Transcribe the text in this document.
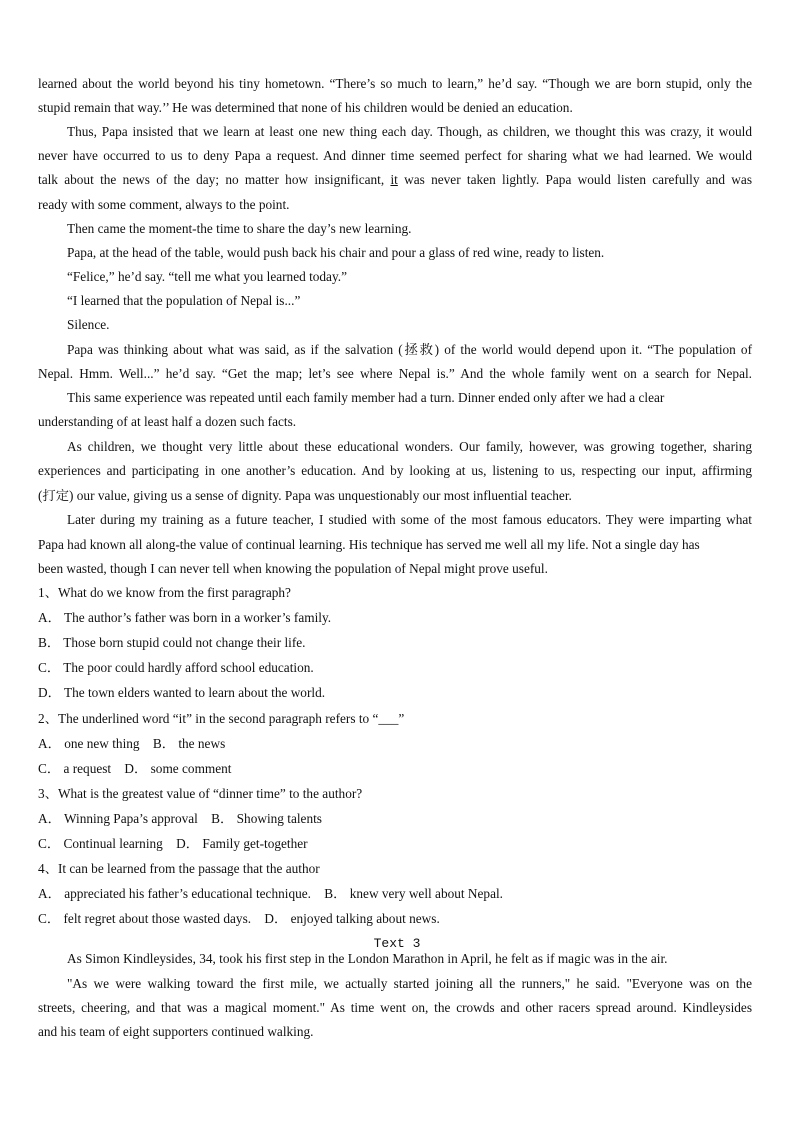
learned about the world beyond his tiny hometown. “There’s so much to learn,” he’d say. “Though we are born stupid, only the
stupid remain that way.’’ He was determined that none of his children would be denied an education.
Thus, Papa insisted that we learn at least one new thing each day. Though, as children, we thought this was crazy, it would
never have occurred to us to deny Papa a request. And dinner time seemed perfect for sharing what we had learned. We would
talk about the news of the day; no matter how insignificant, it was never taken lightly. Papa would listen carefully and was
ready with some comment, always to the point.
Then came the moment-the time to share the day’s new learning.
Papa, at the head of the table, would push back his chair and pour a glass of red wine, ready to listen.
“Felice,” he’d say. “tell me what you learned today.”
“I learned that the population of Nepal is...”
Silence.
Papa was thinking about what was said, as if the salvation (拯救) of the world would depend upon it. “The population of
Nepal. Hmm. Well...” he’d say. “Get the map; let’s see where Nepal is.” And the whole family went on a search for Nepal.
This same experience was repeated until each family member had a turn. Dinner ended only after we had a clear
understanding of at least half a dozen such facts.
As children, we thought very little about these educational wonders. Our family, however, was growing together, sharing
experiences and participating in one another’s education. And by looking at us, listening to us, respecting our input, affirming
(打定) our value, giving us a sense of dignity. Papa was unquestionably our most influential teacher.
Later during my training as a future teacher, I studied with some of the most famous educators. They were imparting what
Papa had known all along-the value of continual learning. His technique has served me well all my life. Not a single day has
been wasted, though I can never tell when knowing the population of Nepal might prove useful.
1、What do we know from the first paragraph?
A． The author’s father was born in a worker’s family.
B． Those born stupid could not change their life.
C． The poor could hardly afford school education.
D． The town elders wanted to learn about the world.
2、The underlined word “it” in the second paragraph refers to “___”
A． one new thing　B． the news
C． a request　D． some comment
3、What is the greatest value of “dinner time” to the author?
A． Winning Papa’s approval　B． Showing talents
C． Continual learning　D． Family get-together
4、It can be learned from the passage that the author
A． appreciated his father’s educational technique.　B． knew very well about Nepal.
C． felt regret about those wasted days.　D． enjoyed talking about news.
Text 3
As Simon Kindleysides, 34, took his first step in the London Marathon in April, he felt as if magic was in the air.
"As we were walking toward the first mile, we actually started joining all the runners," he said. "Everyone was on the
streets, cheering, and that was a magical moment." As time went on, the crowds and other racers spread around. Kindleysides
and his team of eight supporters continued walking.
